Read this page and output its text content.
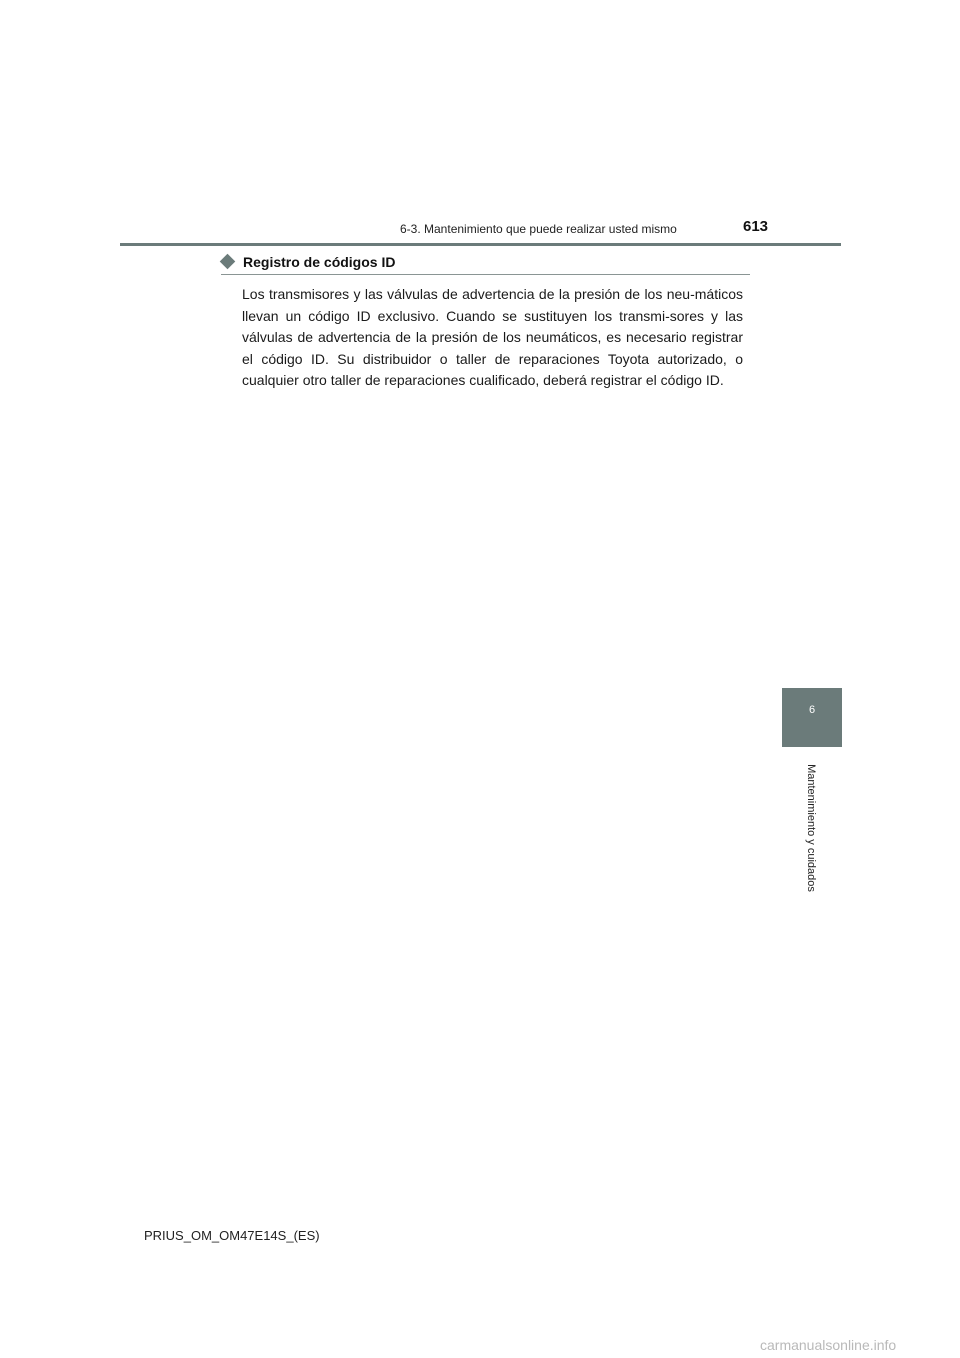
6-3. Mantenimiento que puede realizar usted mismo	613
6
Mantenimiento y cuidados
Registro de códigos ID

Los transmisores y las válvulas de advertencia de la presión de los neu-máticos llevan un código ID exclusivo. Cuando se sustituyen los transmi-sores y las válvulas de advertencia de la presión de los neumáticos, es necesario registrar el código ID. Su distribuidor o taller de reparaciones Toyota autorizado, o cualquier otro taller de reparaciones cualificado, deberá registrar el código ID.

PRIUS_OM_OM47E14S_(ES)
carmanualsonline.info
